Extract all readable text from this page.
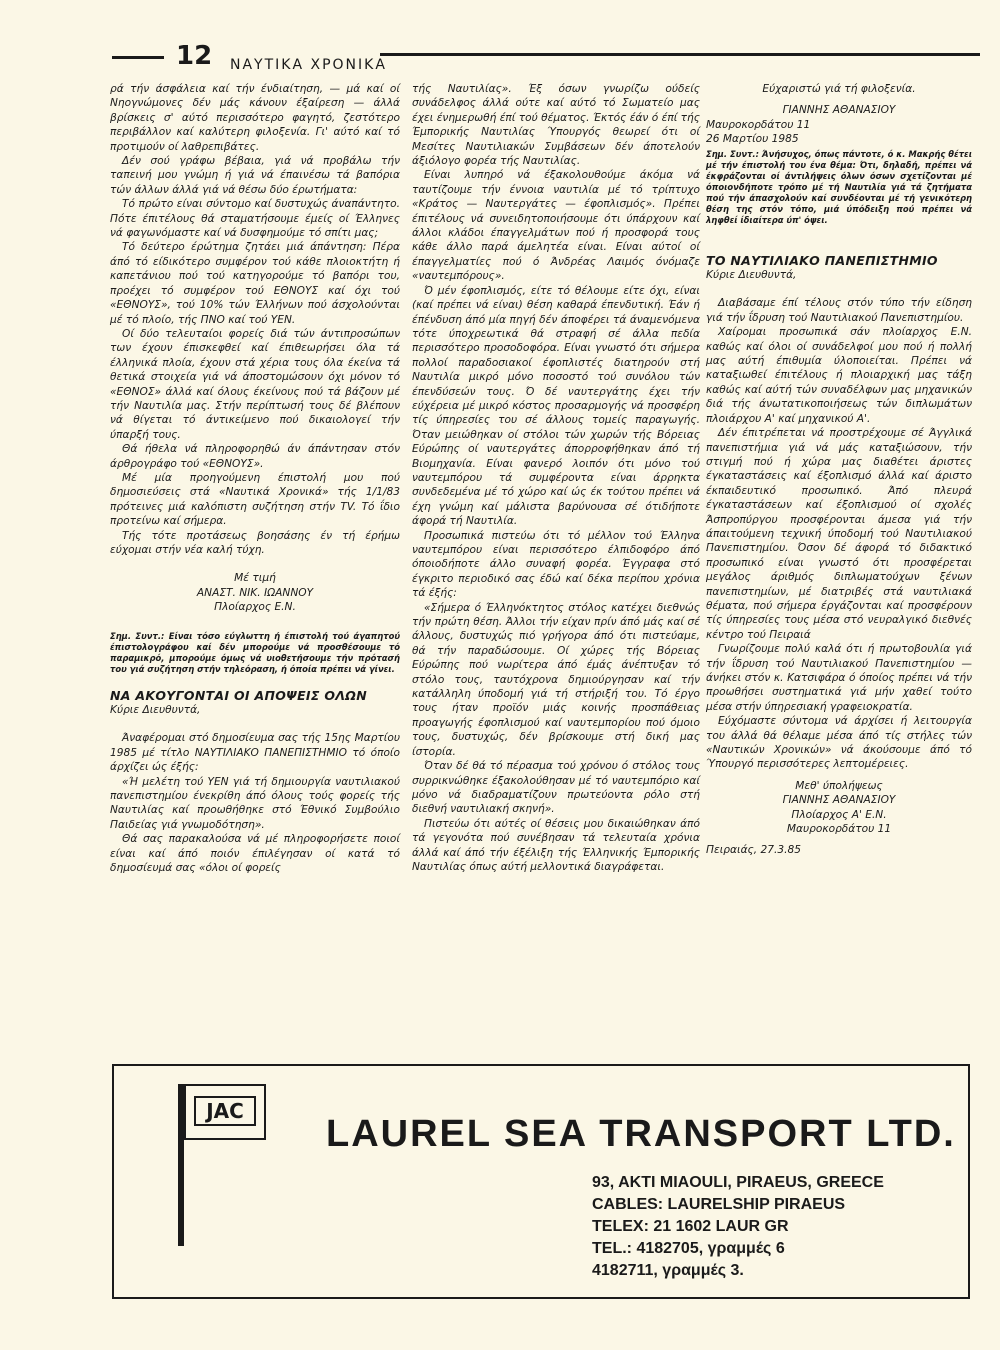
12 ΝΑΥΤΙΚΑ ΧΡΟΝΙΚΑ

ρά τήν άσφάλεια καί τήν ένδιαίτηση, — μά καί οί Νηογνώμονες δέν μάς κάνουν έξαίρεση — άλλά βρίσκεις σ' αύτό περισσότερο φαγητό, ζεστότερο περιβάλλον καί καλύτερη φιλοξενία. Γι' αύτό καί τό προτιμούν οί λαθρεπιβάτες.

Δέν σού γράφω βέβαια, γιά νά προβάλω τήν ταπεινή μου γνώμη ή γιά νά έπαινέσω τά βαπόρια τών άλλων άλλά γιά νά θέσω δύο έρωτήματα:

Τό πρώτο είναι σύντομο καί δυστυχώς άναπάντητο. Πότε έπιτέλους θά σταματήσουμε έμείς οί Έλληνες νά φαγωνόμαστε καί νά δυσφημούμε τό σπίτι μας;

Τό δεύτερο έρώτημα ζητάει μιά άπάντηση: Πέρα άπό τό είδικότερο συμφέρον τού κάθε πλοιοκτήτη ή καπετάνιου πού τού κατηγορούμε τό βαπόρι του, προέχει τό συμφέρον τού ΕΘΝΟΥΣ καί όχι τού «ΕΘΝΟΥΣ», τού 10% τών Έλλήνων πού άσχολούνται μέ τό πλοίο, τής ΠΝΟ καί τού ΥΕΝ.

Οί δύο τελευταίοι φορείς διά τών άντιπροσώπων των έχουν έπισκεφθεί καί έπιθεωρήσει όλα τά έλληνικά πλοία, έχουν στά χέρια τους όλα έκείνα τά θετικά στοιχεία γιά νά άποστομώσουν όχι μόνον τό «ΕΘΝΟΣ» άλλά καί όλους έκείνους πού τά βάζουν μέ τήν Ναυτιλία μας. Στήν περίπτωσή τους δέ βλέπουν νά θίγεται τό άντικείμενο πού δικαιολογεί τήν ύπαρξή τους.

Θά ήθελα νά πληροφορηθώ άν άπάντησαν στόν άρθρογράφο τού «ΕΘΝΟΥΣ».

Μέ μία προηγούμενη έπιστολή μου πού δημοσιεύσεις στά «Ναυτικά Χρονικά» τής 1/1/83 πρότεινες μιά καλόπιστη συζήτηση στήν TV. Τό ΐδιο προτείνω καί σήμερα.

Τής τότε προτάσεως βοησάσης έν τή έρήμω εύχομαι στήν νέα καλή τύχη.

Μέ τιμή

ΑΝΑΣΤ. ΝΙΚ. ΙΩΑΝΝΟΥ

Πλοίαρχος Ε.Ν.

Σημ. Συντ.: Είναι τόσο εύγλωττη ή έπιστολή τού άγαπητού έπιστολογράφου καί δέν μπορούμε νά προσθέσουμε τό παραμικρό, μπορούμε όμως νά υιοθετήσουμε τήν πρότασή του γιά συζήτηση στήν τηλεόραση, ή όποία πρέπει νά γίνει.

ΝΑ ΑΚΟΥΓΟΝΤΑΙ ΟΙ ΑΠΟΨΕΙΣ ΟΛΩΝ

Κύριε Διευθυντά,

Άναφέρομαι στό δημοσίευμα σας τής 15ης Μαρτίου 1985 μέ τίτλο ΝΑΥΤΙΛΙΑΚΟ ΠΑΝΕΠΙΣΤΗΜΙΟ τό όποίο άρχίζει ώς έξής:

«Ή μελέτη τού ΥΕΝ γιά τή δημιουργία ναυτιλιακού πανεπιστημίου ένεκρίθη άπό όλους τούς φορείς τής Ναυτιλίας καί προωθήθηκε στό Έθνικό Συμβούλιο Παιδείας γιά γνωμοδότηση».

Θά σας παρακαλούσα νά μέ πληροφορήσετε ποιοί είναι καί άπό ποιόν έπιλέγησαν οί κατά τό δημοσίευμά σας «όλοι οί φορείς

τής Ναυτιλίας». Έξ όσων γνωρίζω ούδείς συνάδελφος άλλά ούτε καί αύτό τό Σωματείο μας έχει ένημερωθή έπί τού θέματος. Έκτός έάν ό έπί τής Έμπορικής Ναυτιλίας Ύπουργός θεωρεί ότι οί Μεσίτες Ναυτιλιακών Συμβάσεων δέν άποτελούν άξιόλογο φορέα τής Ναυτιλίας.

Είναι λυπηρό νά έξακολουθούμε άκόμα νά ταυτίζουμε τήν έννοια ναυτιλία μέ τό τρίπτυχο «Κράτος — Ναυτεργάτες — έφοπλισμός». Πρέπει έπιτέλους νά συνειδητοποιήσουμε ότι ύπάρχουν καί άλλοι κλάδοι έπαγγελμάτων πού ή προσφορά τους κάθε άλλο παρά άμελητέα είναι. Είναι αύτοί οί έπαγγελματίες πού ό Άνδρέας Λαιμός όνόμαζε «ναυτεμπόρους».

Ό μέν έφοπλισμός, είτε τό θέλουμε είτε όχι, είναι (καί πρέπει νά είναι) θέση καθαρά έπενδυτική. Έάν ή έπένδυση άπό μία πηγή δέν άποφέρει τά άναμενόμενα τότε ύποχρεωτικά θά στραφή σέ άλλα πεδία περισσότερο προσοδοφόρα. Είναι γνωστό ότι σήμερα πολλοί παραδοσιακοί έφοπλιστές διατηρούν στή Ναυτιλία μικρό μόνο ποσοστό τού συνόλου τών έπενδύσεών τους. Ό δέ ναυτεργάτης έχει τήν εύχέρεια μέ μικρό κόστος προσαρμογής νά προσφέρη τίς ύπηρεσίες του σέ άλλους τομείς παραγωγής. Όταν μειώθηκαν οί στόλοι τών χωρών τής Βόρειας Εύρώπης οί ναυτεργάτες άπορροφήθηκαν άπό τή Βιομηχανία. Είναι φανερό λοιπόν ότι μόνο τού ναυτεμπόρου τά συμφέροντα είναι άρρηκτα συνδεδεμένα μέ τό χώρο καί ώς έκ τούτου πρέπει νά έχη γνώμη καί μάλιστα βαρύνουσα σέ ότιδήποτε άφορά τή Ναυτιλία.

Προσωπικά πιστεύω ότι τό μέλλον τού Έλληνα ναυτεμπόρου είναι περισσότερο έλπιδοφόρο άπό όποιοδήποτε άλλο συναφή φορέα. Έγγραφα στό έγκριτο περιοδικό σας έδώ καί δέκα περίπου χρόνια τά έξής:

«Σήμερα ό Έλληνόκτητος στόλος κατέχει διεθνώς τήν πρώτη θέση. Άλλοι τήν είχαν πρίν άπό μάς καί σέ άλλους, δυστυχώς πιό γρήγορα άπό ότι πιστεύαμε, θά τήν παραδώσουμε. Οί χώρες τής Βόρειας Εύρώπης πού νωρίτερα άπό έμάς άνέπτυξαν τό στόλο τους, ταυτόχρονα δημιούργησαν καί τήν κατάλληλη ύποδομή γιά τή στήριξή του. Τό έργο τους ήταν προϊόν μιάς κοινής προσπάθειας προαγωγής έφοπλισμού καί ναυτεμπορίου πού όμοιο τους, δυστυχώς, δέν βρίσκουμε στή δική μας ίστορία.

Όταν δέ θά τό πέρασμα τού χρόνου ό στόλος τους συρρικνώθηκε έξακολούθησαν μέ τό ναυτεμπόριο καί μόνο νά διαδραματίζουν πρωτεύοντα ρόλο στή διεθνή ναυτιλιακή σκηνή».

Πιστεύω ότι αύτές οί θέσεις μου δικαιώθηκαν άπό τά γεγονότα πού συνέβησαν τά τελευταία χρόνια άλλά καί άπό τήν έξέλιξη τής Έλληνικής Έμπορικής Ναυτιλίας όπως αύτή μελλοντικά διαγράφεται.

Εύχαριστώ γιά τή φιλοξενία.

ΓΙΑΝΝΗΣ ΑΘΑΝΑΣΙΟΥ

Μαυροκορδάτου 11

26 Μαρτίου 1985

Σημ. Συντ.: Άνήσυχος, όπως πάντοτε, ό κ. Μακρής θέτει μέ τήν έπιστολή του ένα θέμα: Ότι, δηλαδή, πρέπει νά έκφράζονται οί άντιλήψεις όλων όσων σχετίζονται μέ όποιονδήποτε τρόπο μέ τή Ναυτιλία γιά τά ζητήματα πού τήν άπασχολούν καί συνδέονται μέ τή γενικότερη θέση της στόν τόπο, μιά ύπόδειξη πού πρέπει νά ληφθεί ίδιαίτερα ύπ' όψει.

ΤΟ ΝΑΥΤΙΛΙΑΚΟ ΠΑΝΕΠΙΣΤΗΜΙΟ

Κύριε Διευθυντά,

Διαβάσαμε έπί τέλους στόν τύπο τήν είδηση γιά τήν ΐδρυση τού Ναυτιλιακού Πανεπιστημίου.

Χαίρομαι προσωπικά σάν πλοίαρχος Ε.Ν. καθώς καί όλοι οί συνάδελφοί μου πού ή πολλή μας αύτή έπιθυμία ύλοποιείται. Πρέπει νά καταξιωθεί έπιτέλους ή πλοιαρχική μας τάξη καθώς καί αύτή τών συναδέλφων μας μηχανικών διά τής άνωτατικοποιήσεως τών διπλωμάτων πλοιάρχου Α' καί μηχανικού Α'.

Δέν έπιτρέπεται νά προστρέχουμε σέ Άγγλικά πανεπιστήμια γιά νά μάς καταξιώσουν, τήν στιγμή πού ή χώρα μας διαθέτει άριστες έγκαταστάσεις καί έξοπλισμό άλλά καί άριστο έκπαιδευτικό προσωπικό. Άπό πλευρά έγκαταστάσεων καί έξοπλισμού οί σχολές Άσπροπύργου προσφέρονται άμεσα γιά τήν άπαιτούμενη τεχνική ύποδομή τού Ναυτιλιακού Πανεπιστημίου. Όσον δέ άφορά τό διδακτικό προσωπικό είναι γνωστό ότι προσφέρεται μεγάλος άριθμός διπλωματούχων ξένων πανεπιστημίων, μέ διατριβές στά ναυτιλιακά θέματα, πού σήμερα έργάζονται καί προσφέρουν τίς ύπηρεσίες τους μέσα στό νευραλγικό διεθνές κέντρο τού Πειραιά

Γνωρίζουμε πολύ καλά ότι ή πρωτοβουλία γιά τήν ΐδρυση τού Ναυτιλιακού Πανεπιστημίου — άνήκει στόν κ. Κατσιφάρα ό όποίος πρέπει νά τήν προωθήσει συστηματικά γιά μήν χαθεί τούτο μέσα στήν ύπηρεσιακή γραφειοκρατία.

Εύχόμαστε σύντομα νά άρχίσει ή λειτουργία του άλλά θά θέλαμε μέσα άπό τίς στήλες τών «Ναυτικών Χρονικών» νά άκούσουμε άπό τό Ύπουργό περισσότερες λεπτομέρειες.

Μεθ' ύπολήψεως

ΓΙΑΝΝΗΣ ΑΘΑΝΑΣΙΟΥ

Πλοίαρχος Α' Ε.Ν.

Μαυροκορδάτου 11

Πειραιάς, 27.3.85

JAC
LAUREL SEA TRANSPORT LTD.
93, AKTI MIAOULI, PIRAEUS, GREECE
CABLES: LAURELSHIP PIRAEUS
TELEX: 21 1602 LAUR GR
TEL.: 4182705, γραμμές 6
4182711, γραμμές 3.
